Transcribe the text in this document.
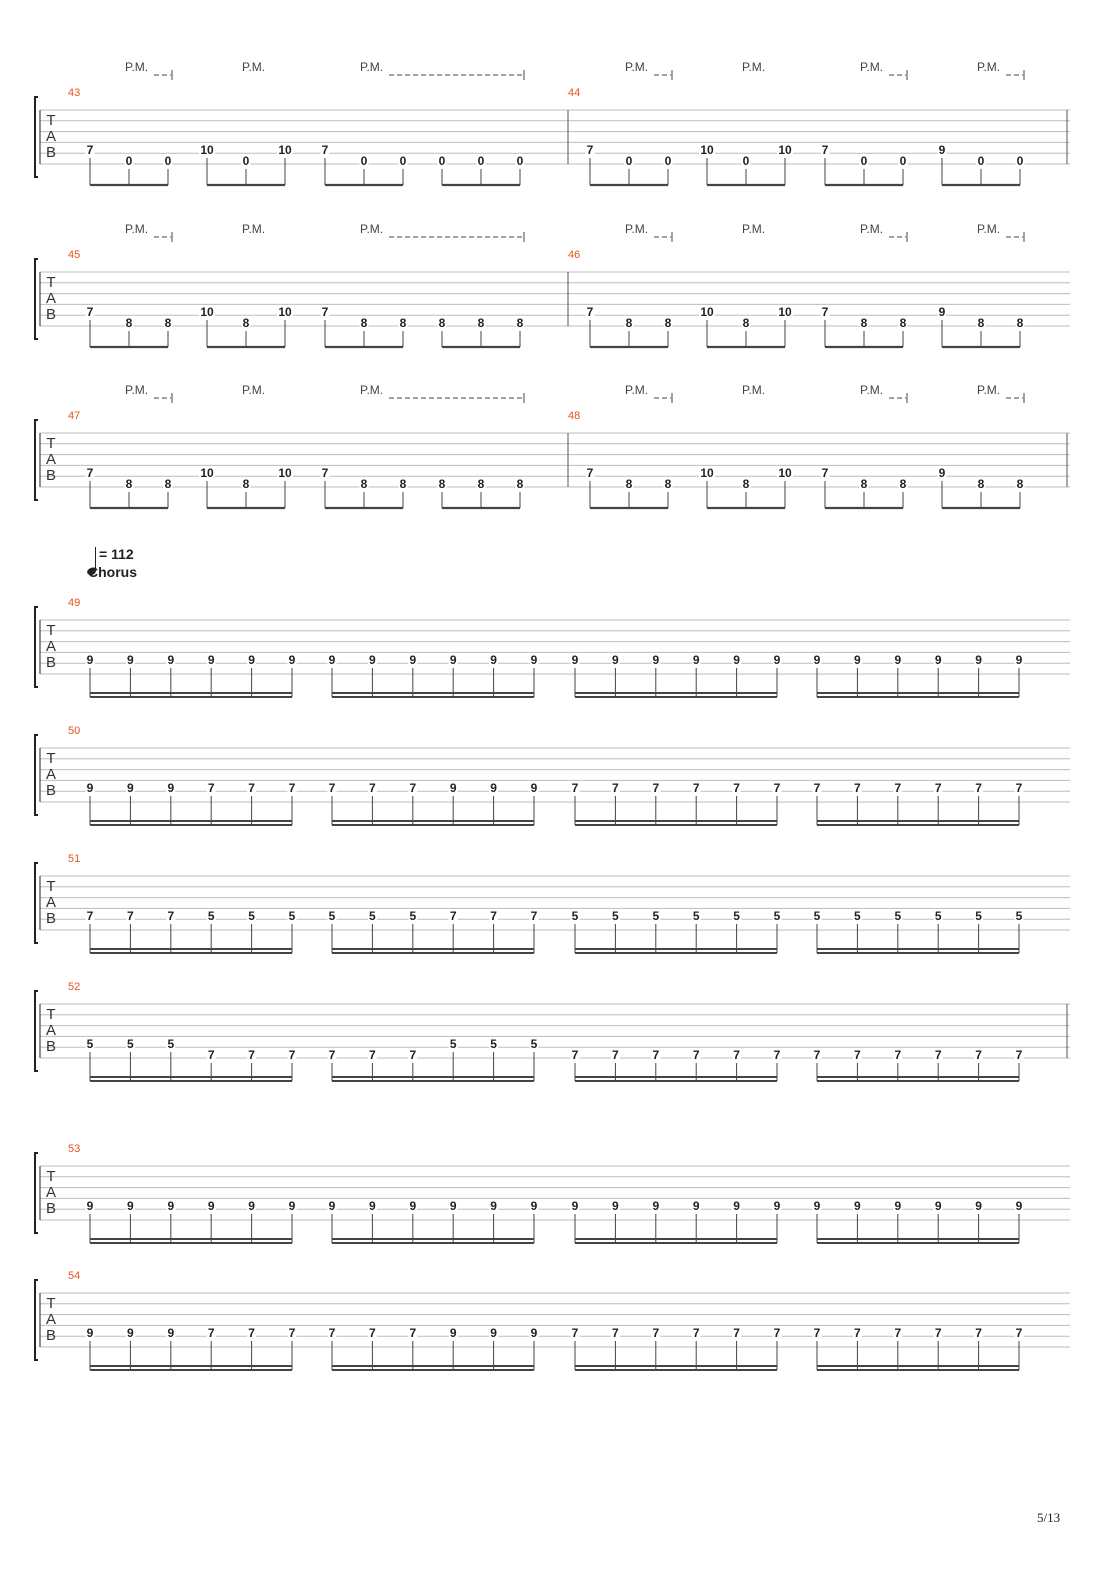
T
A
B
43	44
P.M.	P.M.	P.M.	P.M.	P.M.	P.M.	P.M.
7
0	0
10
0
10 7
0	0	0	0	0
7
0	0
10
0
10 7
0	0
9
0	0
T
A
B
45	46
P.M.	P.M.	P.M.	P.M.	P.M.	P.M.	P.M.
7
8	8
10
8
10 7
8	8	8	8	8
7
8	8
10
8
10 7
8	8
9
8	8
T
A
B
47	48
P.M.	P.M.	P.M.	P.M.	P.M.	P.M.	P.M.
7
8	8
10
8
10 7
8	8	8	8	8
7
8	8
10
8
10 7
8	8
9
8	8
T
A
B
49
9	9	9	9	9	9	9	9	9	9	9	9	9	9	9	9	9	9	9	9	9	9	9	9
T
A
B
50
9	9	9	7	7	7	7	7	7	9	9	9	7	7	7	7	7	7	7	7	7	7	7	7
T
A
B
51
7	7	7	5	5	5	5	5	5	7	7	7	5	5	5	5	5	5	5	5	5	5	5	5
T
A
B
52
5	5	5
7	7	7	7	7	7
5	5	5
7	7	7	7	7	7	7	7	7	7	7	7
T
A
B
53
9	9	9	9	9	9	9	9	9	9	9	9	9	9	9	9	9	9	9	9	9	9	9	9
T
A
B
54
9	9	9	7	7	7	7	7	7	9	9	9	7	7	7	7	7	7	7	7	7	7	7	7
= 112
Chorus
5/13
